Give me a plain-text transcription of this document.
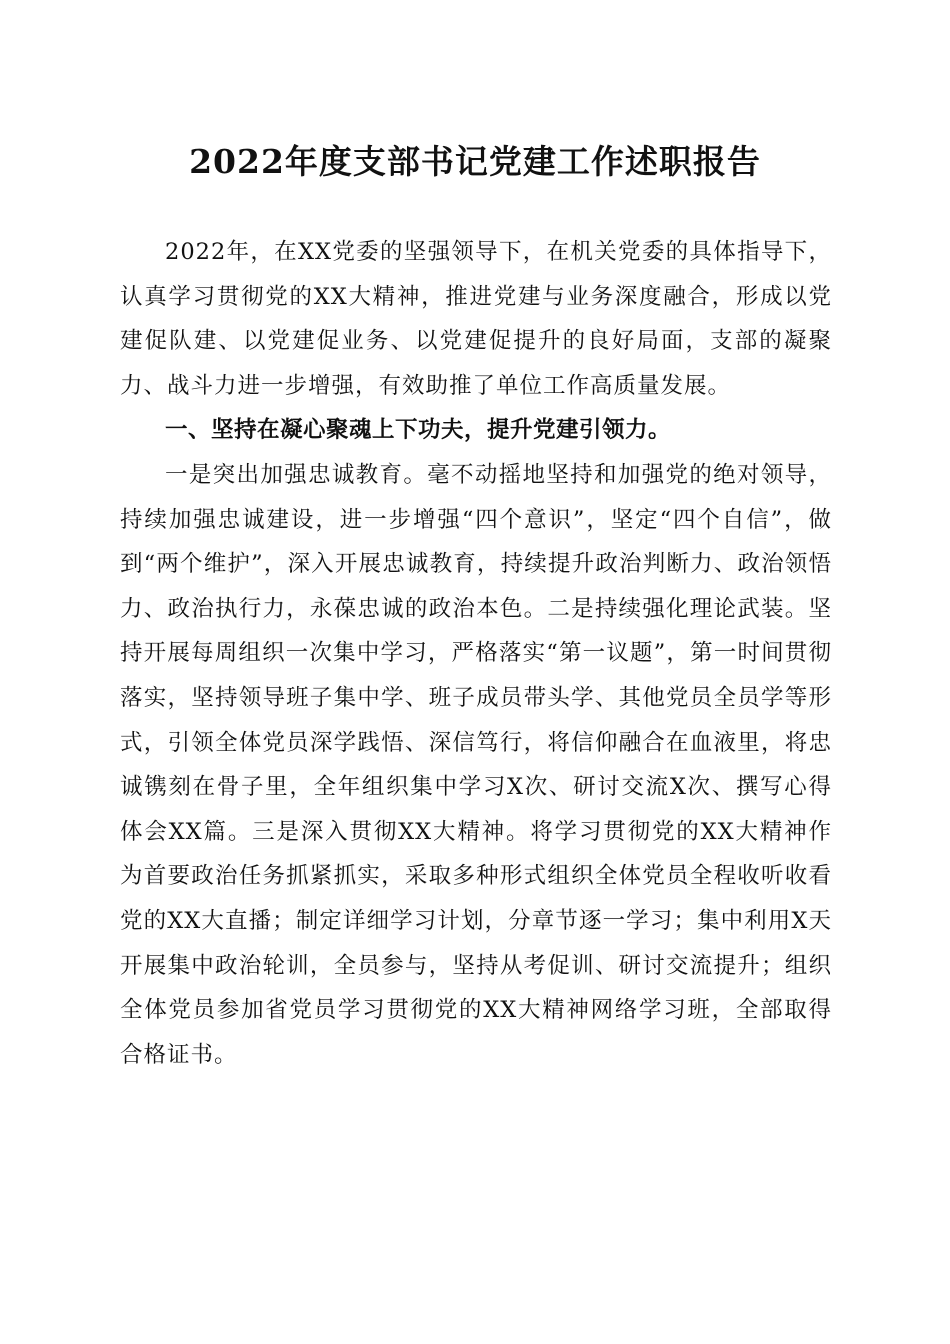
2022年度支部书记党建工作述职报告

2022年，在XX党委的坚强领导下，在机关党委的具体指导下，认真学习贯彻党的XX大精神，推进党建与业务深度融合，形成以党建促队建、以党建促业务、以党建促提升的良好局面，支部的凝聚力、战斗力进一步增强，有效助推了单位工作高质量发展。

一、坚持在凝心聚魂上下功夫，提升党建引领力。

一是突出加强忠诚教育。毫不动摇地坚持和加强党的绝对领导，持续加强忠诚建设，进一步增强“四个意识”，坚定“四个自信”，做到“两个维护”，深入开展忠诚教育，持续提升政治判断力、政治领悟力、政治执行力，永葆忠诚的政治本色。二是持续强化理论武装。坚持开展每周组织一次集中学习，严格落实“第一议题”，第一时间贯彻落实，坚持领导班子集中学、班子成员带头学、其他党员全员学等形式，引领全体党员深学践悟、深信笃行，将信仰融合在血液里，将忠诚镌刻在骨子里，全年组织集中学习X次、研讨交流X次、撰写心得体会XX篇。三是深入贯彻XX大精神。将学习贯彻党的XX大精神作为首要政治任务抓紧抓实，采取多种形式组织全体党员全程收听收看党的XX大直播；制定详细学习计划，分章节逐一学习；集中利用X天开展集中政治轮训，全员参与，坚持从考促训、研讨交流提升；组织全体党员参加省党员学习贯彻党的XX大精神网络学习班，全部取得合格证书。
